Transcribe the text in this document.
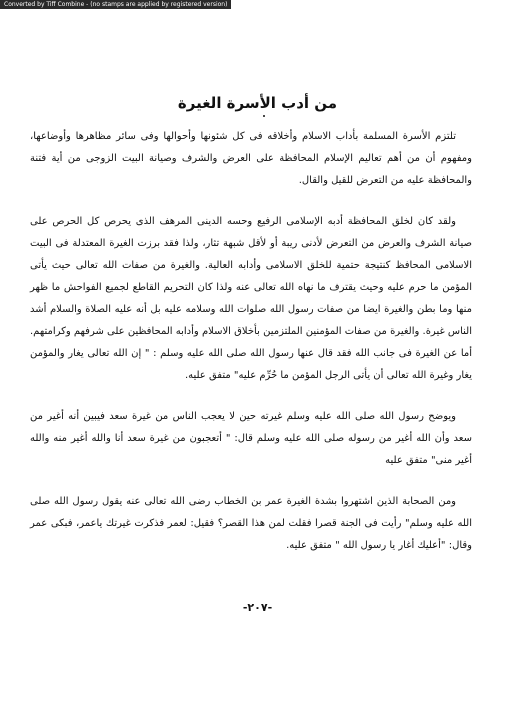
Converted by Tiff Combine - (no stamps are applied by registered version)
من أدب الأسرة الغيرة

تلتزم الأسرة المسلمة بأداب الاسلام وأخلاقه فى كل شئونها وأحوالها وفى سائر مظاهرها وأوضاعها، ومفهوم أن من أهم تعاليم الإسلام المحافظة على العرض والشرف وصيانة البيت الزوجى من أية فتنة والمحافظة عليه من التعرض للقيل والقال.

ولقد كان لخلق المحافظة أدبه الإسلامى الرفيع وحسه الدينى المرهف الذى يحرص كل الحرص على صيانة الشرف والعرض من التعرض لأدنى ريبة أو لأقل شبهة تثار، ولذا فقد برزت الغيرة المعتدلة فى البيت الاسلامى المحافظ كنتيجة حتمية للخلق الاسلامى وأدابه العالية. والغيرة من صفات الله تعالى حيث يأتى المؤمن ما حرم عليه وحيث يقترف ما نهاه الله تعالى عنه ولذا كان التحريم القاطع لجميع الفواحش ما ظهر منها وما بطن والغيرة ايضا من صفات رسول الله صلوات الله وسلامه عليه بل أنه عليه الصلاة والسلام أشد الناس غيرة. والغيرة من صفات المؤمنين الملتزمين بأخلاق الاسلام وأدابه المحافظين على شرفهم وكرامتهم. أما عن الغيرة فى جانب الله فقد قال عنها رسول الله صلى الله عليه وسلم : " إن الله تعالى يغار والمؤمن يغار وغيرة الله تعالى أن يأتى الرجل المؤمن ما حُرِّم عليه" متفق عليه.

ويوضح رسول الله صلى الله عليه وسلم غيرته حين لا يعجب الناس من غيرة سعد فيبين أنه أغير من سعد وأن الله أغير من رسوله صلى الله عليه وسلم قال: " أتعجبون من غيرة سعد أنا والله أغير منه والله أغير منى" متفق عليه

ومن الصحابة الذين اشتهروا بشدة الغيرة عمر بن الخطاب رضى الله تعالى عنه يقول رسول الله صلى الله عليه وسلم" رأيت فى الجنة قصرا فقلت لمن هذا القصر؟ فقيل: لعمر فذكرت غيرتك ياعمر، فبكى عمر وقال: "أعليك أغار يا رسول الله " متفق عليه.

-٢٠٧-
